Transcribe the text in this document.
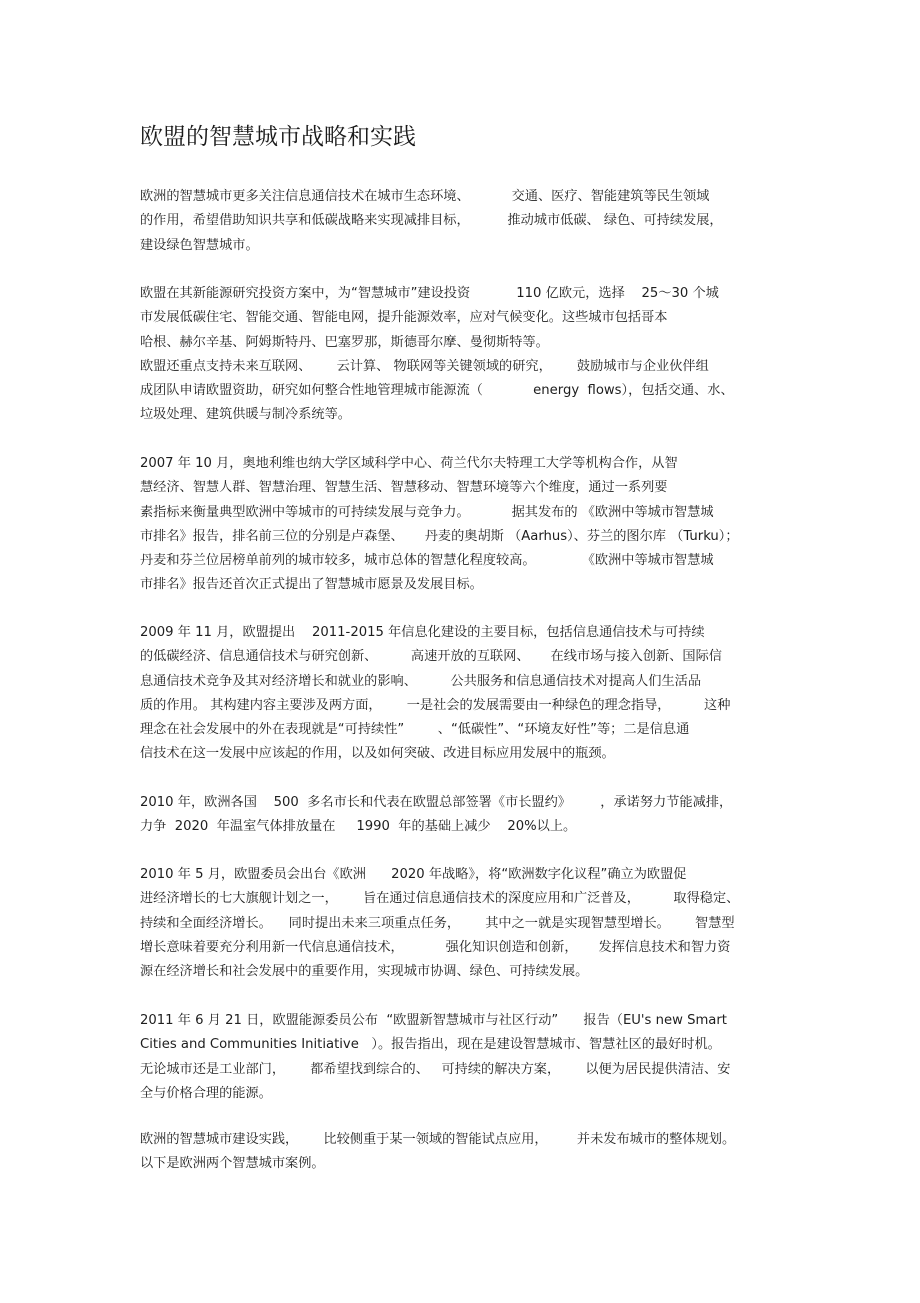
欧盟的智慧城市战略和实践
欧洲的智慧城市更多关注信息通信技术在城市生态环境、          交通、医疗、智能建筑等民生领域
的作用，希望借助知识共享和低碳战略来实现减排目标，         推动城市低碳、 绿色、可持续发展，
建设绿色智慧城市。
欧盟在其新能源研究投资方案中，为“智慧城市”建设投资           110 亿欧元，选择    25～30 个城
市发展低碳住宅、智能交通、智能电网，提升能源效率，应对气候变化。这些城市包括哥本
哈根、赫尔辛基、阿姆斯特丹、巴塞罗那，斯德哥尔摩、曼彻斯特等。
欧盟还重点支持未来互联网、      云计算、 物联网等关键领域的研究，      鼓励城市与企业伙伴组
成团队申请欧盟资助，研究如何整合性地管理城市能源流（            energy  flows），包括交通、水、
垃圾处理、建筑供暖与制冷系统等。
2007 年 10 月，奥地利维也纳大学区域科学中心、荷兰代尔夫特理工大学等机构合作，从智
慧经济、智慧人群、智慧治理、智慧生活、智慧移动、智慧环境等六个维度，通过一系列要
素指标来衡量典型欧洲中等城市的可持续发展与竞争力。          据其发布的 《欧洲中等城市智慧城
市排名》报告，排名前三位的分别是卢森堡、     丹麦的奥胡斯 （Aarhus）、芬兰的图尔库 （Turku）；
丹麦和芬兰位居榜单前列的城市较多，城市总体的智慧化程度较高。           《欧洲中等城市智慧城
市排名》报告还首次正式提出了智慧城市愿景及发展目标。
2009 年 11 月，欧盟提出    2011-2015 年信息化建设的主要目标，包括信息通信技术与可持续
的低碳经济、信息通信技术与研究创新、        高速开放的互联网、     在线市场与接入创新、国际信
息通信技术竞争及其对经济增长和就业的影响、        公共服务和信息通信技术对提高人们生活品
质的作用。 其构建内容主要涉及两方面，      一是社会的发展需要由一种绿色的理念指导，        这种
理念在社会发展中的外在表现就是“可持续性”        、“低碳性”、“环境友好性”等；二是信息通
信技术在这一发展中应该起的作用，以及如何突破、改进目标应用发展中的瓶颈。
2010 年，欧洲各国    500  多名市长和代表在欧盟总部签署《市长盟约》       ，承诺努力节能减排，
力争  2020  年温室气体排放量在     1990  年的基础上减少    20%以上。
2010 年 5 月，欧盟委员会出台《欧洲      2020 年战略》，将“欧洲数字化议程”确立为欧盟促
进经济增长的七大旗舰计划之一，      旨在通过信息通信技术的深度应用和广泛普及，        取得稳定、
持续和全面经济增长。    同时提出未来三项重点任务，      其中之一就是实现智慧型增长。      智慧型
增长意味着要充分利用新一代信息通信技术，          强化知识创造和创新，     发挥信息技术和智力资
源在经济增长和社会发展中的重要作用，实现城市协调、绿色、可持续发展。
2011 年 6 月 21 日，欧盟能源委员公布  “欧盟新智慧城市与社区行动”      报告（EU's new Smart
Cities and Communities Initiative   ）。报告指出，现在是建设智慧城市、智慧社区的最好时机。
无论城市还是工业部门，      都希望找到综合的、   可持续的解决方案，      以便为居民提供清洁、安
全与价格合理的能源。
欧洲的智慧城市建设实践，      比较侧重于某一领域的智能试点应用，       并未发布城市的整体规划。
以下是欧洲两个智慧城市案例。
